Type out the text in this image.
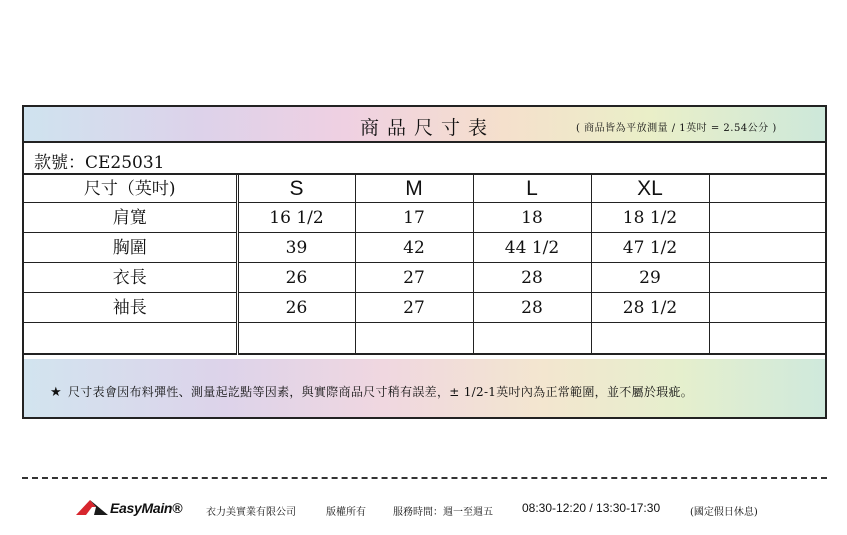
商品尺寸表	( 商品皆為平放測量 / 1英吋 = 2.54公分 )
款號：CE25031
尺寸（英吋)	S	M	L	XL	
肩寬	16 1/2	17	18	18 1/2	
胸圍	39	42	44 1/2	47 1/2	
衣長	26	27	28	29	
袖長	26	27	28	28 1/2	

★ 尺寸表會因布料彈性、測量起訖點等因素，與實際商品尺寸稍有誤差，± 1/2-1英吋內為正常範圍，並不屬於瑕疵。
EasyMain® 衣力美實業有限公司	版權所有	服務時間：週一至週五 08:30-12:20 / 13:30-17:30	(國定假日休息)
